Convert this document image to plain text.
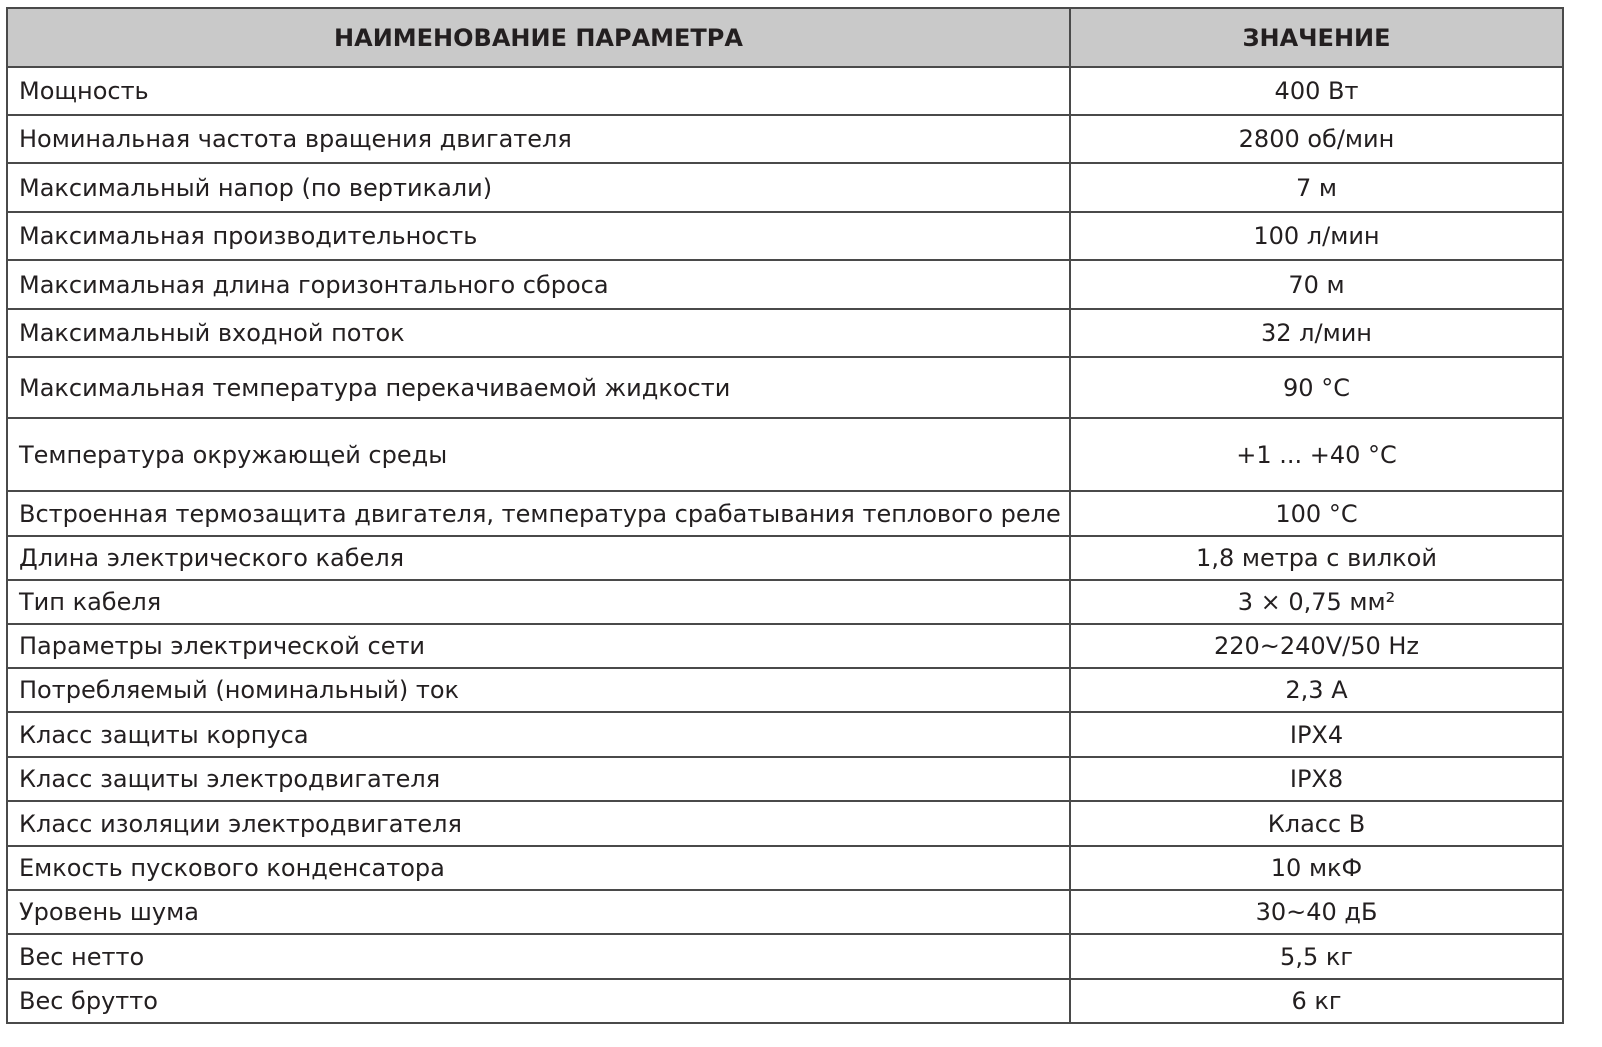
НАИМЕНОВАНИЕ ПАРАМЕТРА	ЗНАЧЕНИЕ
Мощность	400 Вт
Номинальная частота вращения двигателя	2800 об/мин
Максимальный напор (по вертикали)	7 м
Максимальная производительность	100 л/мин
Максимальная длина горизонтального сброса	70 м
Максимальный входной поток	32 л/мин
Максимальная температура перекачиваемой жидкости	90 °С
Температура окружающей среды	+1 ... +40 °С
Встроенная термозащита двигателя, температура срабатывания теплового реле	100 °С
Длина электрического кабеля	1,8 метра с вилкой
Тип кабеля	3 × 0,75 мм²
Параметры электрической сети	220~240V/50 Hz
Потребляемый (номинальный) ток	2,3 А
Класс защиты корпуса	IPX4
Класс защиты электродвигателя	IPX8
Класс изоляции электродвигателя	Класс В
Емкость пускового конденсатора	10 мкФ
Уровень шума	30~40 дБ
Вес нетто	5,5 кг
Вес брутто	6 кг
